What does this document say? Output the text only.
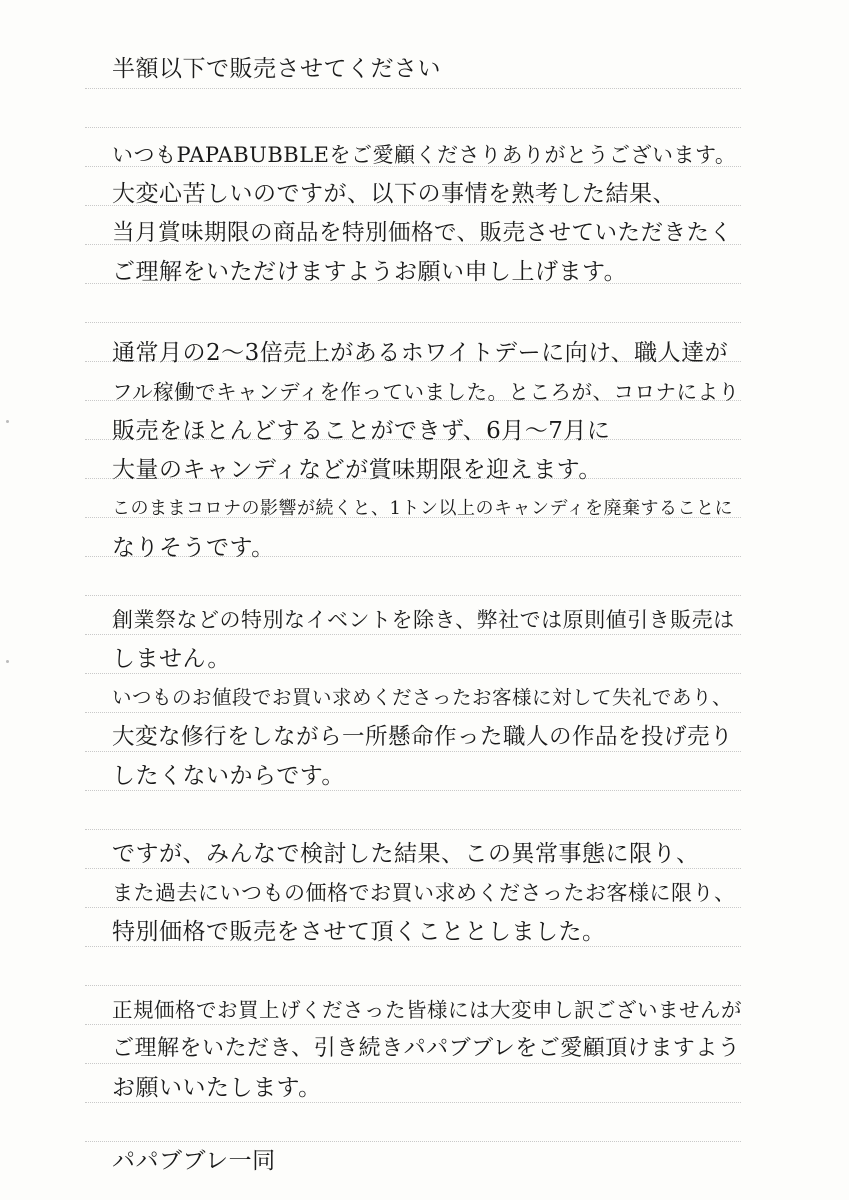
半額以下で販売させてください
いつもPAPABUBBLEをご愛顧くださりありがとうございます。
大変心苦しいのですが、以下の事情を熟考した結果、
当月賞味期限の商品を特別価格で、販売させていただきたく
ご理解をいただけますようお願い申し上げます。
通常月の2〜3倍売上があるホワイトデーに向け、職人達が
フル稼働でキャンディを作っていました。ところが、コロナにより
販売をほとんどすることができず、6月〜7月に
大量のキャンディなどが賞味期限を迎えます。
このままコロナの影響が続くと、1トン以上のキャンディを廃棄することに
なりそうです。
創業祭などの特別なイベントを除き、弊社では原則値引き販売は
しません。
いつものお値段でお買い求めくださったお客様に対して失礼であり、
大変な修行をしながら一所懸命作った職人の作品を投げ売り
したくないからです。
ですが、みんなで検討した結果、この異常事態に限り、
また過去にいつもの価格でお買い求めくださったお客様に限り、
特別価格で販売をさせて頂くこととしました。
正規価格でお買上げくださった皆様には大変申し訳ございませんが
ご理解をいただき、引き続きパパブブレをご愛顧頂けますよう
お願いいたします。
パパブブレ一同
